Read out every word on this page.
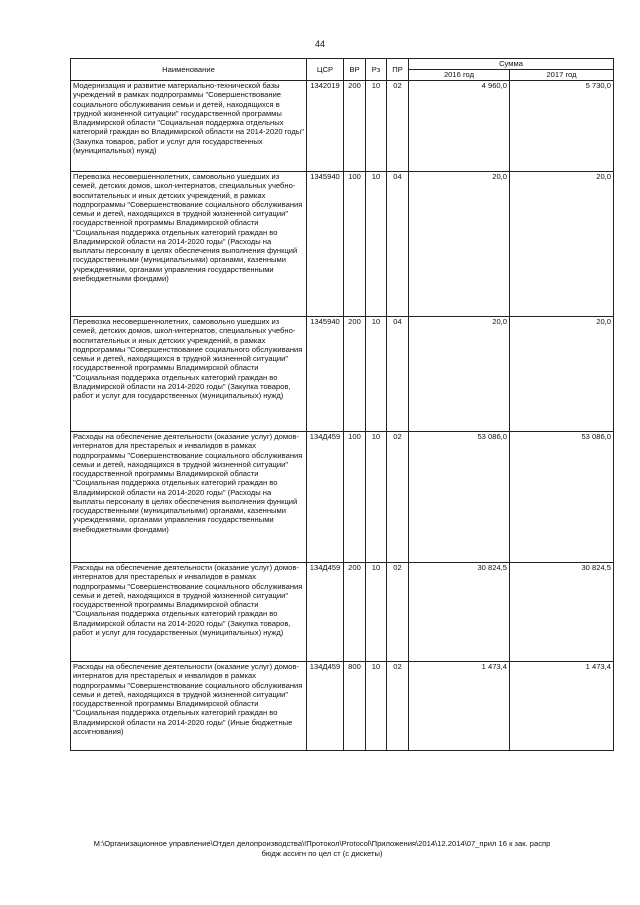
44
Наименование	ЦСР	ВР	Рз	ПР	Сумма	
					2016 год	2017 год
Модернизация и развитие материально-технической базы учреждений в рамках подпрограммы "Совершенствование социального обслуживания семьи и детей, находящихся в трудной жизненной ситуации" государственной программы Владимирской области "Социальная поддержка отдельных категорий граждан во Владимирской области на 2014-2020 годы" (Закупка товаров, работ и услуг для государственных (муниципальных) нужд)	1342019	200	10	02	4 960,0	5 730,0
Перевозка несовершеннолетних, самовольно ушедших из семей, детских домов, школ-интернатов, специальных учебно-воспитательных и иных детских учреждений, в рамках подпрограммы "Совершенствование социального обслуживания семьи и детей, находящихся в трудной жизненной ситуации" государственной программы Владимирской области "Социальная поддержка отдельных категорий граждан во Владимирской области на 2014-2020 годы" (Расходы на выплаты персоналу в целях обеспечения выполнения функций государственными (муниципальными) органами, казенными учреждениями, органами управления государственными внебюджетными фондами)	1345940	100	10	04	20,0	20,0
Перевозка несовершеннолетних, самовольно ушедших из семей, детских домов, школ-интернатов, специальных учебно-воспитательных и иных детских учреждений, в рамках подпрограммы "Совершенствование социального обслуживания семьи и детей, находящихся в трудной жизненной ситуации" государственной программы Владимирской области "Социальная поддержка отдельных категорий граждан во Владимирской области на 2014-2020 годы" (Закупка товаров, работ и услуг для государственных (муниципальных) нужд)	1345940	200	10	04	20,0	20,0
Расходы на обеспечение деятельности (оказание услуг) домов-интернатов для престарелых и инвалидов в рамках подпрограммы "Совершенствование социального обслуживания семьи и детей, находящихся в трудной жизненной ситуации" государственной программы Владимирской области "Социальная поддержка отдельных категорий граждан во Владимирской области на 2014-2020 годы" (Расходы на выплаты персоналу в целях обеспечения выполнения функций государственными (муниципальными) органами, казенными учреждениями, органами управления государственными внебюджетными фондами)	134Д459	100	10	02	53 086,0	53 086,0
Расходы на обеспечение деятельности (оказание услуг) домов-интернатов для престарелых и инвалидов в рамках подпрограммы "Совершенствование социального обслуживания семьи и детей, находящихся в трудной жизненной ситуации" государственной программы Владимирской области "Социальная поддержка отдельных категорий граждан во Владимирской области на 2014-2020 годы" (Закупка товаров, работ и услуг для государственных (муниципальных) нужд)	134Д459	200	10	02	30 824,5	30 824,5
Расходы на обеспечение деятельности (оказание услуг) домов-интернатов для престарелых и инвалидов в рамках подпрограммы "Совершенствование социального обслуживания семьи и детей, находящихся в трудной жизненной ситуации" государственной программы Владимирской области "Социальная поддержка отдельных категорий граждан во Владимирской области на 2014-2020 годы" (Иные бюджетные ассигнования)	134Д459	800	10	02	1 473,4	1 473,4
M:\Организационное управление\Отдел делопроизводства\!Протокол\Protocol\Приложения\2014\12.2014\07_прил 16 к зак. распр
бюдж ассигн по цел ст (с дискеты)
